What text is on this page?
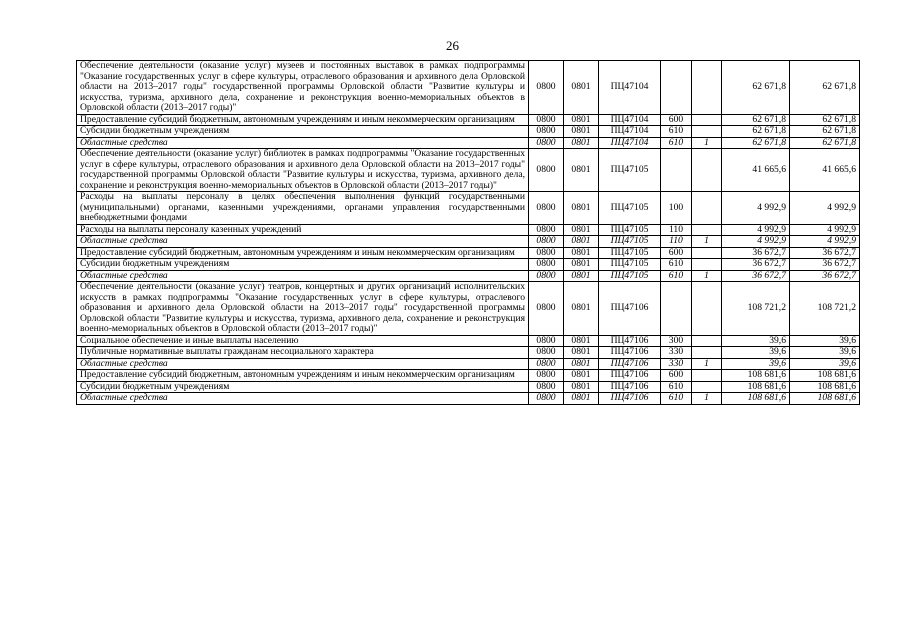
26
Обеспечение деятельности (оказание услуг) музеев и постоянных выставок в рамках подпрограммы "Оказание государственных услуг в сфере культуры, отраслевого образования и архивного дела Орловской области на 2013–2017 годы" государственной программы Орловской области "Развитие культуры и искусства, туризма, архивного дела, сохранение и реконструкция военно-мемориальных объектов в Орловской области (2013–2017 годы)"	0800	0801	ПЦ47104			62 671,8	62 671,8
Предоставление субсидий бюджетным, автономным учреждениям и иным некоммерческим организациям	0800	0801	ПЦ47104	600		62 671,8	62 671,8
Субсидии бюджетным учреждениям	0800	0801	ПЦ47104	610		62 671,8	62 671,8
Областные средства	0800	0801	ПЦ47104	610	1	62 671,8	62 671,8
Обеспечение деятельности (оказание услуг) библиотек в рамках подпрограммы "Оказание государственных услуг в сфере культуры, отраслевого образования и архивного дела Орловской области на 2013–2017 годы" государственной программы Орловской области "Развитие культуры и искусства, туризма, архивного дела, сохранение и реконструкция военно-мемориальных объектов в Орловской области (2013–2017 годы)"	0800	0801	ПЦ47105			41 665,6	41 665,6
Расходы на выплаты персоналу в целях обеспечения выполнения функций государственными (муниципальными) органами, казенными учреждениями, органами управления государственными внебюджетными фондами	0800	0801	ПЦ47105	100		4 992,9	4 992,9
Расходы на выплаты персоналу казенных учреждений	0800	0801	ПЦ47105	110		4 992,9	4 992,9
Областные средства	0800	0801	ПЦ47105	110	1	4 992,9	4 992,9
Предоставление субсидий бюджетным, автономным учреждениям и иным некоммерческим организациям	0800	0801	ПЦ47105	600		36 672,7	36 672,7
Субсидии бюджетным учреждениям	0800	0801	ПЦ47105	610		36 672,7	36 672,7
Областные средства	0800	0801	ПЦ47105	610	1	36 672,7	36 672,7
Обеспечение деятельности (оказание услуг) театров, концертных и других организаций исполнительских искусств в рамках подпрограммы "Оказание государственных услуг в сфере культуры, отраслевого образования и архивного дела Орловской области на 2013–2017 годы" государственной программы Орловской области "Развитие культуры и искусства, туризма, архивного дела, сохранение и реконструкция военно-мемориальных объектов в Орловской области (2013–2017 годы)"	0800	0801	ПЦ47106			108 721,2	108 721,2
Социальное обеспечение и иные выплаты населению	0800	0801	ПЦ47106	300		39,6	39,6
Публичные нормативные выплаты гражданам несоциального характера	0800	0801	ПЦ47106	330		39,6	39,6
Областные средства	0800	0801	ПЦ47106	330	1	39,6	39,6
Предоставление субсидий бюджетным, автономным учреждениям и иным некоммерческим организациям	0800	0801	ПЦ47106	600		108 681,6	108 681,6
Субсидии бюджетным учреждениям	0800	0801	ПЦ47106	610		108 681,6	108 681,6
Областные средства	0800	0801	ПЦ47106	610	1	108 681,6	108 681,6
